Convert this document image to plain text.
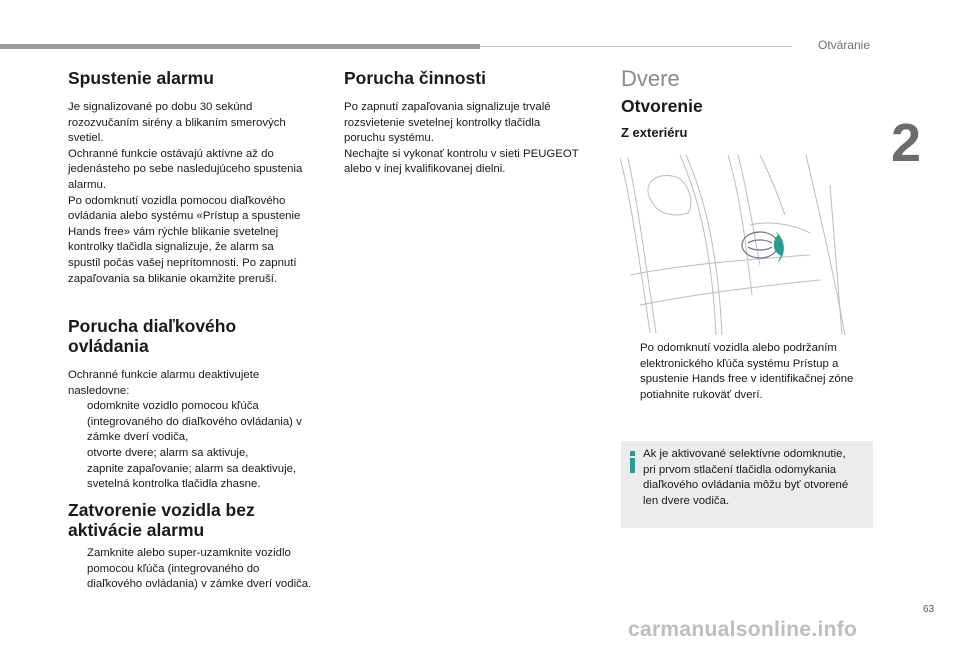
Otváranie
2
Spustenie alarmu

Je signalizované po dobu 30 sekúnd
rozozvučaním sirény a blikaním smerových
svetiel.
Ochranné funkcie ostávajú aktívne až do
jedenásteho po sebe nasledujúceho spustenia
alarmu.
Po odomknutí vozidla pomocou diaľkového
ovládania alebo systému «Prístup a spustenie
Hands free» vám rýchle blikanie svetelnej
kontrolky tlačidla signalizuje, že alarm sa
spustil počas vašej neprítomnosti. Po zapnutí
zapaľovania sa blikanie okamžite preruší.

Porucha diaľkového
ovládania

Ochranné funkcie alarmu deaktivujete
nasledovne:

odomknite vozidlo pomocou kľúča
(integrovaného do diaľkového ovládania) v
zámke dverí vodiča,
otvorte dvere; alarm sa aktivuje,
zapnite zapaľovanie; alarm sa deaktivuje,
svetelná kontrolka tlačidla zhasne.
Zatvorenie vozidla bez
aktivácie alarmu
Zamknite alebo super-uzamknite vozidlo
pomocou kľúča (integrovaného do
diaľkového ovládania) v zámke dverí vodiča.
Porucha činnosti

Po zapnutí zapaľovania signalizuje trvalé
rozsvietenie svetelnej kontrolky tlačidla
poruchu systému.
Nechajte si vykonať kontrolu v sieti PEUGEOT
alebo v inej kvalifikovanej dielni.

Dvere
Otvorenie
Z exteriéru
Po odomknutí vozidla alebo podržaním
elektronického kľúča systému Prístup a
spustenie Hands free v identifikačnej zóne
potiahnite rukoväť dverí.
Ak je aktivované selektívne odomknutie,
pri prvom stlačení tlačidla odomykania
diaľkového ovládania môžu byť otvorené
len dvere vodiča.
63
carmanualsonline.info
